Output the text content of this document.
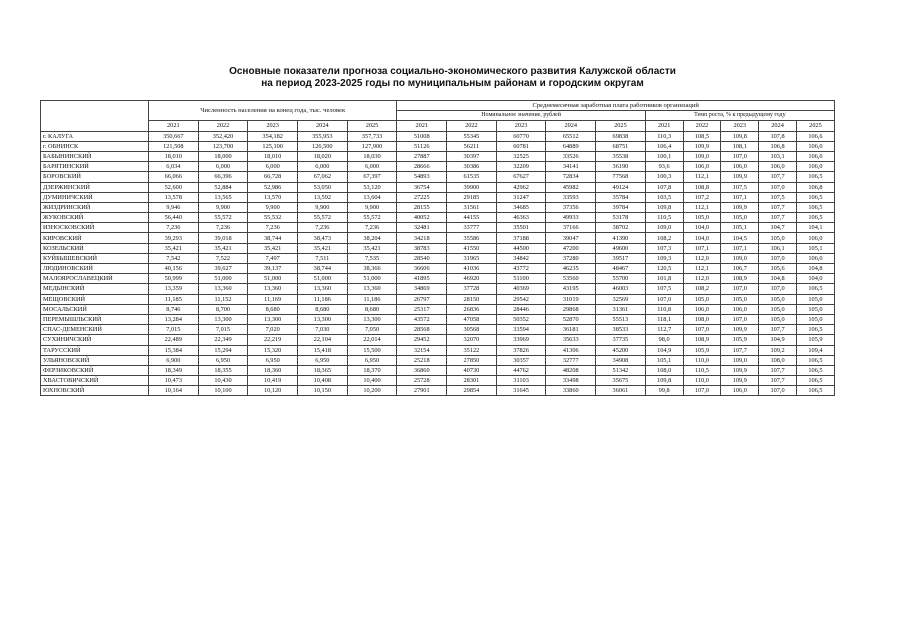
Основные показатели прогноза социально-экономического развития Калужской области
на период 2023-2025 годы по муниципальным районам и городским округам
	Численность населения на конец года, тыс. человек					Среднемесячная заработная плата работников организаций									
						Номинальное значение, рублей					Темп роста, % к предыдущему году				
	2021	2022	2023	2024	2025	2021	2022	2023	2024	2025	2021	2022	2023	2024	2025
г. КАЛУГА	350,667	352,420	354,182	355,953	357,733	51008	55345	60770	65512	69838	110,3	108,5	109,8	107,8	106,6
г. ОБНИНСК	121,508	123,700	125,100	126,500	127,900	51126	56211	60781	64889	68751	106,4	109,9	108,1	106,8	106,0
БАБЫНИНСКИЙ	18,010	18,000	18,010	18,020	18,030	27887	30397	32525	33526	35538	100,1	109,0	107,0	103,1	106,0
БАРЯТИНСКИЙ	6,034	6,000	6,000	6,000	6,000	28666	30386	32209	34141	36190	93,6	106,0	106,0	106,0	106,0
БОРОВСКИЙ	66,066	66,396	66,728	67,062	67,397	54893	61535	67627	72834	77568	100,3	112,1	109,9	107,7	106,5
ДЗЕРЖИНСКИЙ	52,600	52,884	52,986	53,050	53,120	36754	39900	42962	45982	49124	107,8	108,8	107,5	107,0	106,8
ДУМИНИЧСКИЙ	13,578	13,565	13,570	13,592	13,604	27225	29185	31247	33593	35784	103,5	107,2	107,1	107,5	106,5
ЖИЗДРИНСКИЙ	9,946	9,900	9,900	9,900	9,900	28155	31561	34685	37356	39784	109,8	112,1	109,9	107,7	106,5
ЖУКОВСКИЙ	56,440	55,572	55,532	55,572	55,572	40052	44155	46363	49933	53178	110,5	105,0	105,0	107,7	106,5
ИЗНОСКОВСКИЙ	7,236	7,236	7,236	7,236	7,236	32481	33777	35501	37166	38702	109,0	104,0	105,1	104,7	104,1
КИРОВСКИЙ	39,293	39,018	38,744	38,473	38,204	34218	35586	37188	39047	41390	108,2	104,0	104,5	105,0	106,0
КОЗЕЛЬСКИЙ	35,421	35,421	35,421	35,421	35,421	38783	41550	44500	47200	49600	107,3	107,1	107,1	106,1	105,1
КУЙБЫШЕВСКИЙ	7,542	7,522	7,497	7,511	7,535	28540	31965	34842	37280	39517	109,3	112,0	109,0	107,0	106,0
ЛЮДИНОВСКИЙ	40,156	39,627	39,137	38,744	38,366	36606	41036	43772	46235	48467	120,5	112,1	106,7	105,6	104,8
МАЛОЯРОСЛАВЕЦКИЙ	50,999	51,000	51,000	51,000	51,000	41895	46920	51100	53560	55700	101,8	112,0	108,9	104,8	104,0
МЕДЫНСКИЙ	13,359	13,360	13,360	13,360	13,360	34869	37728	40369	43195	46003	107,5	108,2	107,0	107,0	106,5
МЕЩОВСКИЙ	11,185	11,152	11,169	11,186	11,186	26797	28150	29542	31019	32569	107,0	105,0	105,0	105,0	105,0
МОСАЛЬСКИЙ	8,746	8,700	8,680	8,680	8,680	25317	26836	28446	29868	31361	110,8	106,0	106,0	105,0	105,0
ПЕРЕМЫШЛЬСКИЙ	13,284	13,300	13,300	13,300	13,300	43572	47058	50352	52870	55513	118,1	108,0	107,0	105,0	105,0
СПАС-ДЕМЕНСКИЙ	7,015	7,015	7,020	7,030	7,050	28568	30568	33594	36181	38533	112,7	107,0	109,9	107,7	106,5
СУХИНИЧСКИЙ	22,489	22,349	22,219	22,104	22,014	29452	32070	33969	35633	37735	98,0	108,9	105,9	104,9	105,9
ТАРУССКИЙ	15,384	15,294	15,320	15,418	15,500	32154	35122	37826	41306	45200	104,9	105,9	107,7	109,2	109,4
УЛЬЯНОВСКИЙ	6,900	6,950	6,950	6,950	6,950	25218	27850	30357	32777	34908	105,1	110,0	109,0	108,0	106,5
ФЕРЗИКОВСКИЙ	18,349	18,355	18,360	18,365	18,370	36860	40730	44762	48208	51342	108,0	110,5	109,9	107,7	106,5
ХВАСТОВИЧСКИЙ	10,473	10,430	10,419	10,408	10,400	25728	28301	31103	33498	35675	109,8	110,0	109,9	107,7	106,5
ЮХНОВСКИЙ	10,164	10,100	10,120	10,150	10,200	27901	29854	31645	33860	36061	99,8	107,0	106,0	107,0	106,5
